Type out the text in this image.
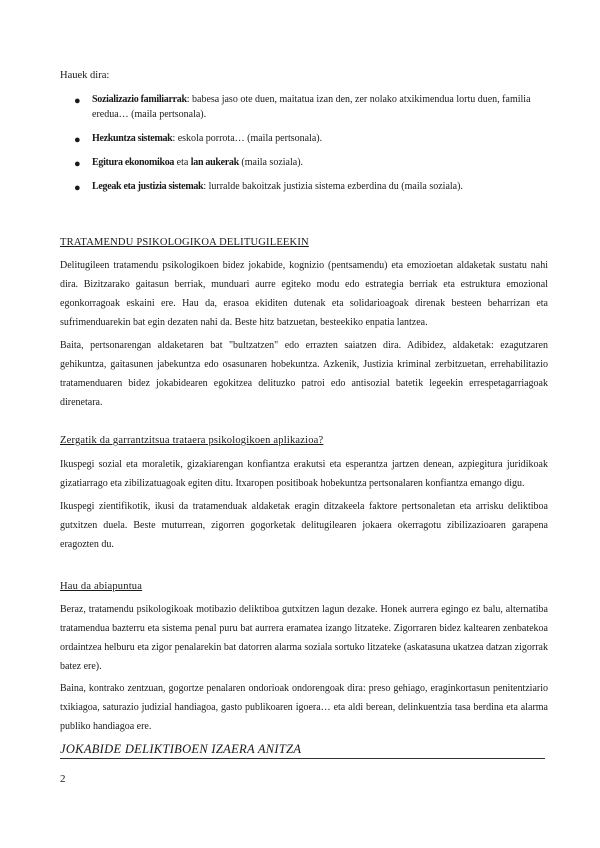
Hauek dira:
● Sozializazio familiarrak: babesa jaso ote duen, maitatua izan den, zer nolako atxikimendua lortu duen, familia eredua… (maila pertsonala).
● Hezkuntza sistemak: eskola porrota… (maila pertsonala).
● Egitura ekonomikoa eta lan aukerak (maila soziala).
● Legeak eta justizia sistemak: lurralde bakoitzak justizia sistema ezberdina du (maila soziala).
TRATAMENDU PSIKOLOGIKOA DELITUGILEEKIN

Delitugileen tratamendu psikologikoen bidez jokabide, kognizio (pentsamendu) eta emozioetan aldaketak sustatu nahi dira. Bizitzarako gaitasun berriak, munduari aurre egiteko modu edo estrategia berriak eta estruktura emozional egonkorragoak eskaini ere. Hau da, erasoa ekiditen dutenak eta solidarioagoak direnak besteen beharrizan eta sufrimenduarekin bat egin dezaten nahi da. Beste hitz batzuetan, besteekiko enpatia lantzea.

Baita, pertsonarengan aldaketaren bat "bultzatzen" edo errazten saiatzen dira. Adibidez, aldaketak: ezagutzaren gehikuntza, gaitasunen jabekuntza edo osasunaren hobekuntza. Azkenik, Justizia kriminal zerbitzuetan, errehabilitazio tratamenduaren bidez jokabidearen egokitzea delituzko patroi edo antisozial batetik legeekin errespetagarriagoak direnetara.

Zergatik da garrantzitsua trataera psikologikoen aplikazioa?

Ikuspegi sozial eta moraletik, gizakiarengan konfiantza erakutsi eta esperantza jartzen denean, azpiegitura juridikoak gizatiarrago eta zibilizatuagoak egiten ditu. Itxaropen positiboak hobekuntza pertsonalaren konfiantza emango digu.

Ikuspegi zientifikotik, ikusi da tratamenduak aldaketak eragin ditzakeela faktore pertsonaletan eta arrisku deliktiboa gutxitzen duela. Beste muturrean, zigorren gogorketak delitugilearen jokaera okerragotu zibilizazioaren garapena eragozten du.

Hau da abiapuntua

Beraz, tratamendu psikologikoak motibazio deliktiboa gutxitzen lagun dezake. Honek aurrera egingo ez balu, alternatiba tratamendua bazterru eta sistema penal puru bat aurrera eramatea izango litzateke. Zigorraren bidez kaltearen zenbatekoa ordaintzea helburu eta zigor penalarekin bat datorren alarma soziala sortuko litzateke (askatasuna ukatzea datzan zigorrak batez ere).

Baina, kontrako zentzuan, gogortze penalaren ondorioak ondorengoak dira: preso gehiago, eraginkortasun penitentziario txikiagoa, saturazio judizial handiagoa, gasto publikoaren igoera… eta aldi berean, delinkuentzia tasa berdina eta alarma publiko handiagoa ere.

JOKABIDE DELIKTIBOEN IZAERA ANITZA
2
